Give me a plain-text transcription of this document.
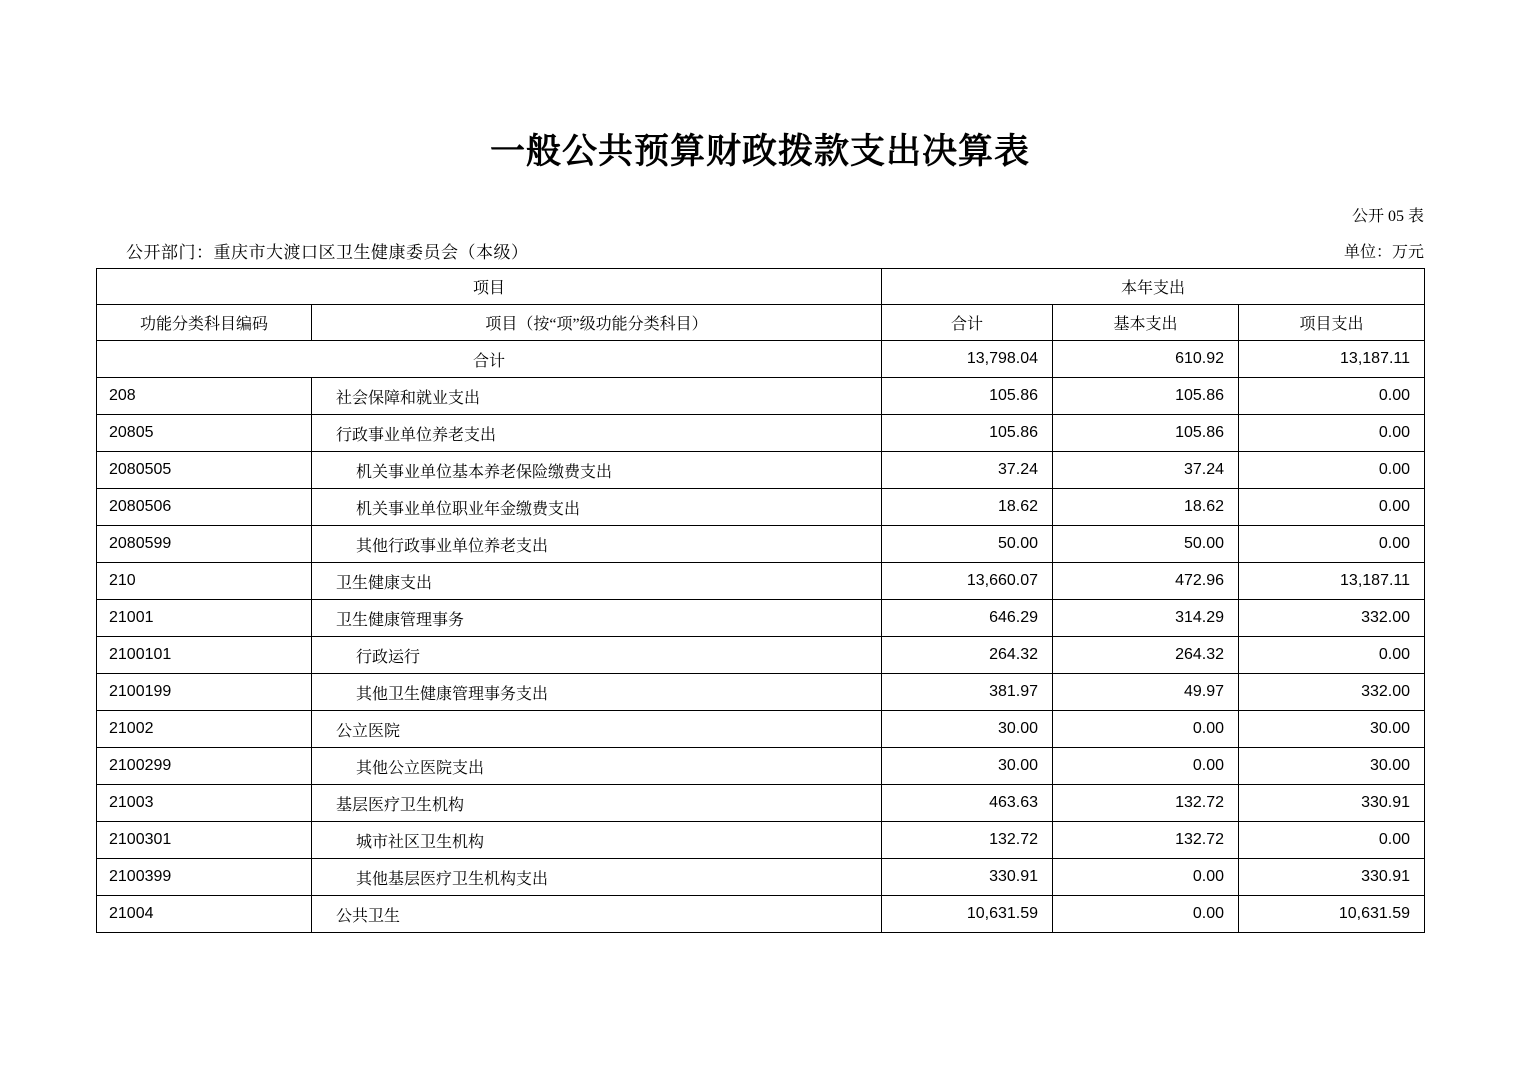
一般公共预算财政拨款支出决算表
公开 05 表
单位：万元
公开部门：重庆市大渡口区卫生健康委员会（本级）
项目		本年支出		
功能分类科目编码	项目（按“项”级功能分类科目）	合计	基本支出	项目支出
合计		13,798.04	610.92	13,187.11
208	社会保障和就业支出	105.86	105.86	0.00
20805	行政事业单位养老支出	105.86	105.86	0.00
2080505	机关事业单位基本养老保险缴费支出	37.24	37.24	0.00
2080506	机关事业单位职业年金缴费支出	18.62	18.62	0.00
2080599	其他行政事业单位养老支出	50.00	50.00	0.00
210	卫生健康支出	13,660.07	472.96	13,187.11
21001	卫生健康管理事务	646.29	314.29	332.00
2100101	行政运行	264.32	264.32	0.00
2100199	其他卫生健康管理事务支出	381.97	49.97	332.00
21002	公立医院	30.00	0.00	30.00
2100299	其他公立医院支出	30.00	0.00	30.00
21003	基层医疗卫生机构	463.63	132.72	330.91
2100301	城市社区卫生机构	132.72	132.72	0.00
2100399	其他基层医疗卫生机构支出	330.91	0.00	330.91
21004	公共卫生	10,631.59	0.00	10,631.59
